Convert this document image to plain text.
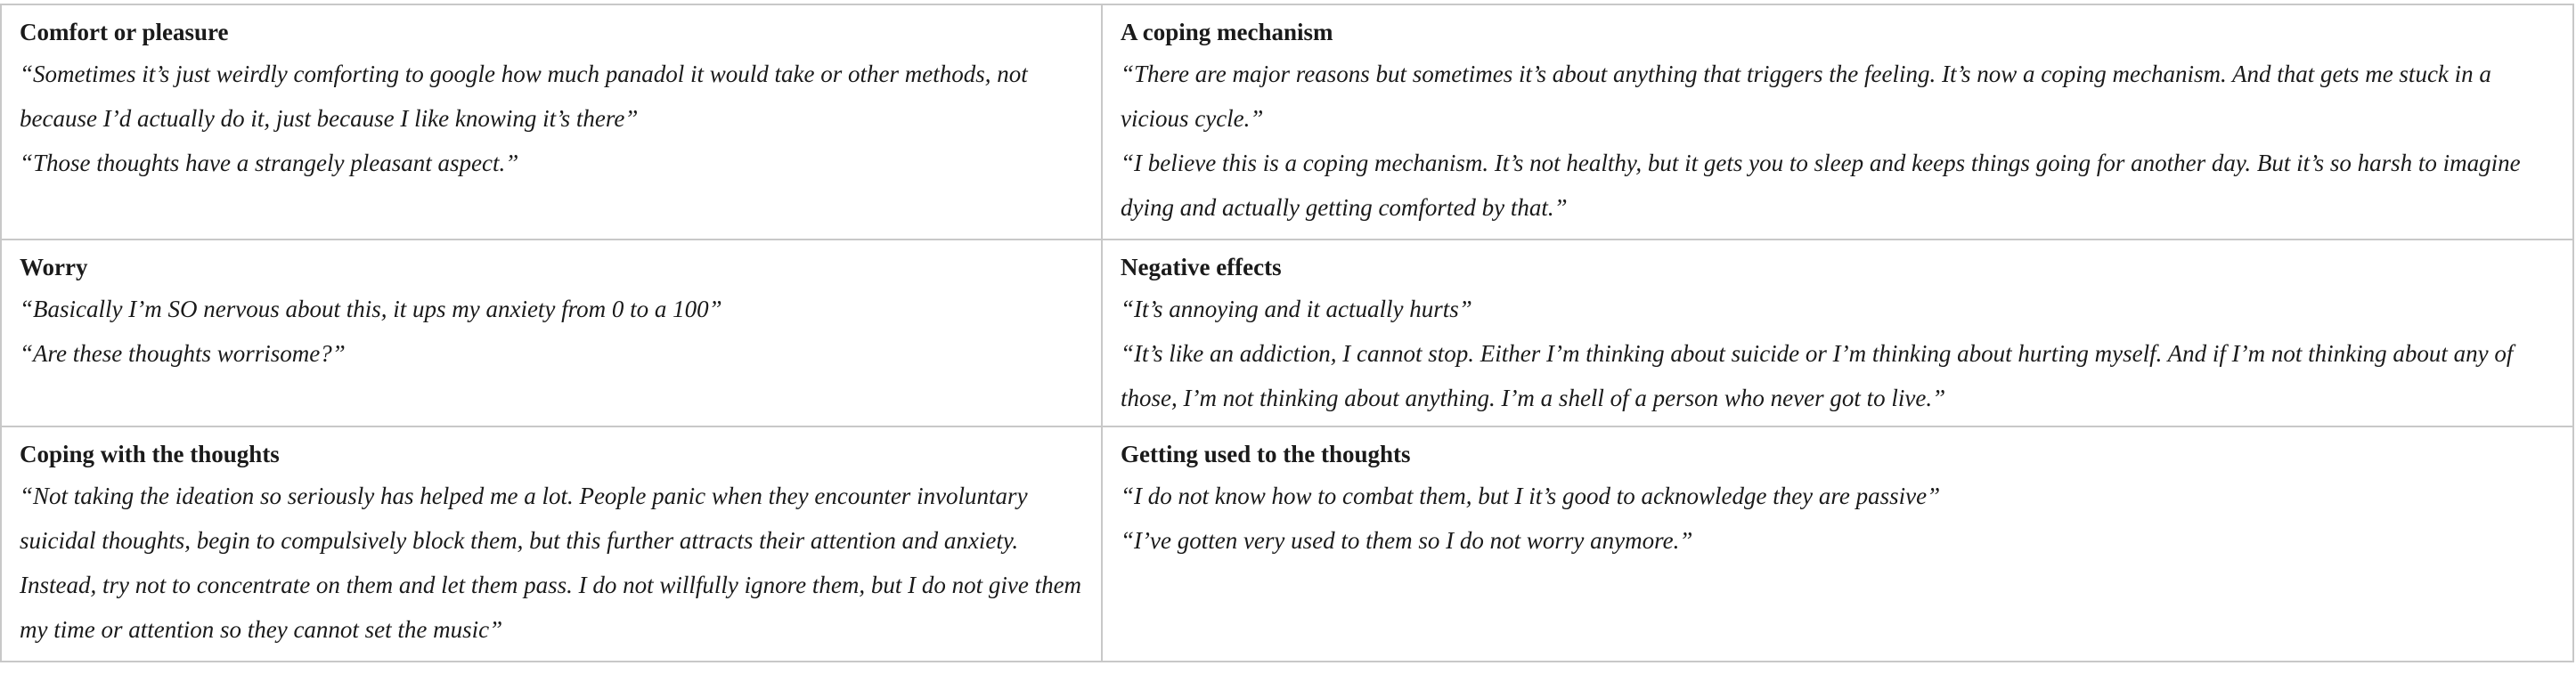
Comfort or pleasure

“Sometimes it’s just weirdly comforting to google how much panadol it would take or other methods, not because I’d actually do it, just because I like knowing it’s there”

“Those thoughts have a strangely pleasant aspect.”

A coping mechanism

“There are major reasons but sometimes it’s about anything that triggers the feeling. It’s now a coping mechanism. And that gets me stuck in a vicious cycle.”

“I believe this is a coping mechanism. It’s not healthy, but it gets you to sleep and keeps things going for another day. But it’s so harsh to imagine dying and actually getting comforted by that.”

Worry

“Basically I’m SO nervous about this, it ups my anxiety from 0 to a 100”

“Are these thoughts worrisome?”

Negative effects

“It’s annoying and it actually hurts”

“It’s like an addiction, I cannot stop. Either I’m thinking about suicide or I’m thinking about hurting myself. And if I’m not thinking about any of those, I’m not thinking about anything. I’m a shell of a person who never got to live.”

Coping with the thoughts

“Not taking the ideation so seriously has helped me a lot. People panic when they encounter involuntary suicidal thoughts, begin to compulsively block them, but this further attracts their attention and anxiety. Instead, try not to concentrate on them and let them pass. I do not willfully ignore them, but I do not give them my time or attention so they cannot set the music”

Getting used to the thoughts

“I do not know how to combat them, but I it’s good to acknowledge they are passive”

“I’ve gotten very used to them so I do not worry anymore.”
